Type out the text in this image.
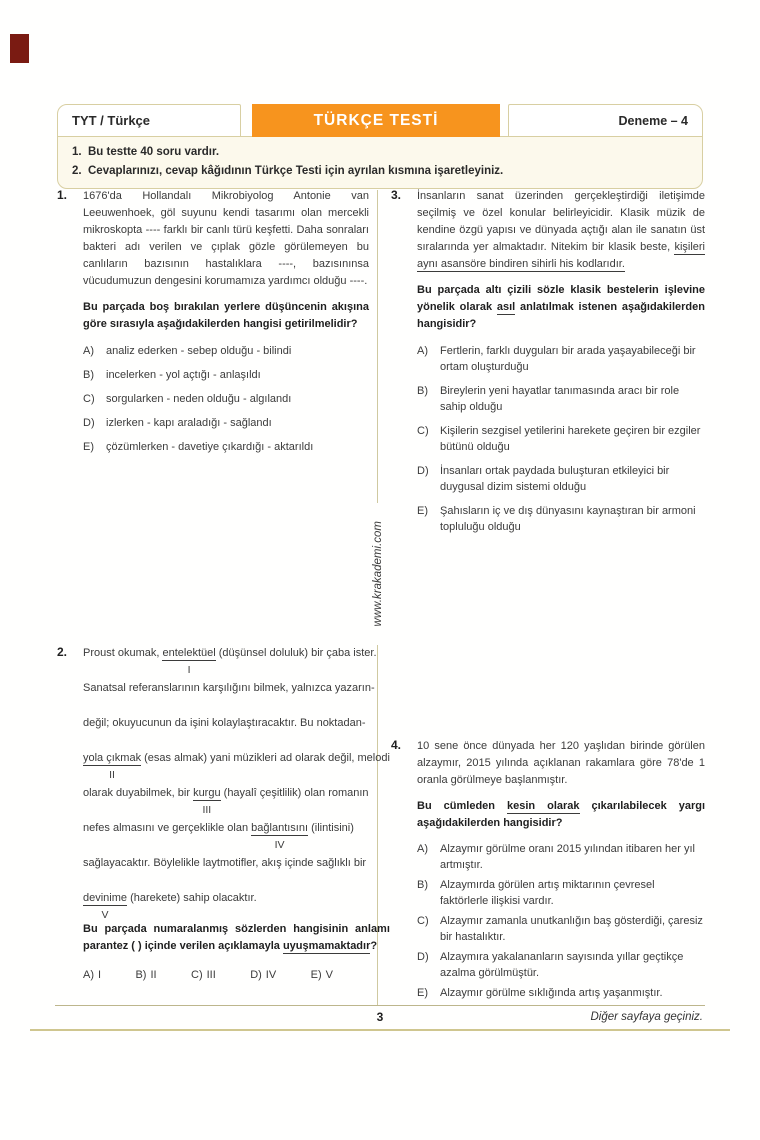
TYT / Türkçe	TÜRKÇE TESTİ	Deneme – 4
1. Bu testte 40 soru vardır.
2. Cevaplarınızı, cevap kâğıdının Türkçe Testi için ayrılan kısmına işaretleyiniz.
www.krakademi.com
1.	1676'da Hollandalı Mikrobiyolog Antonie van Leeuwenhoek, göl suyunu kendi tasarımı olan mercekli mikroskopta ---- farklı bir canlı türü keşfetti. Daha sonraları bakteri adı verilen ve çıplak gözle görülemeyen bu canlıların bazısının hastalıklara ----, bazısınınsa vücudumuzun dengesini korumamıza yardımcı olduğu ----.

Bu parçada boş bırakılan yerlere düşüncenin akışına göre sırasıyla aşağıdakilerden hangisi getirilmelidir?

A)	analiz ederken - sebep olduğu - bilindi
B)	incelerken - yol açtığı - anlaşıldı
C)	sorgularken - neden olduğu - algılandı
D)	izlerken - kapı araladığı - sağlandı
E)	çözümlerken - davetiye çıkardığı - aktarıldı
2.	Proust okumak, entelektüel
I
(düşünsel doluluk) bir çaba ister.
Sanatsal referanslarının karşılığını bilmek, yalnızca yazarın-
değil; okuyucunun da işini kolaylaştıracaktır. Bu noktadan-
yola çıkmak
II
(esas almak) yani müzikleri ad olarak değil, melodi
olarak duyabilmek, bir kurgu
III
(hayalî çeşitlilik) olan romanın
nefes almasını ve gerçeklikle olan bağlantısını
IV
(ilintisini)
sağlayacaktır. Böylelikle laytmotifler, akış içinde sağlıklı bir
devinime
V
(harekete) sahip olacaktır.

Bu parçada numaralanmış sözlerden hangisinin anlamı parantez ( ) içinde verilen açıklamayla uyuşmamaktadır?

A) I	B) II	C) III	D) IV	E) V
3.	İnsanların sanat üzerinden gerçekleştirdiği iletişimde seçilmiş ve özel konular belirleyicidir. Klasik müzik de kendine özgü yapısı ve dünyada açtığı alan ile sanatın üst sıralarında yer almaktadır. Nitekim bir klasik beste, kişileri aynı asansöre bindiren sihirli his kodlarıdır.

Bu parçada altı çizili sözle klasik bestelerin işlevine yönelik olarak asıl anlatılmak istenen aşağıdakilerden hangisidir?

A)	Fertlerin, farklı duyguları bir arada yaşayabileceği bir ortam oluşturduğu
B)	Bireylerin yeni hayatlar tanımasında aracı bir role sahip olduğu
C)	Kişilerin sezgisel yetilerini harekete geçiren bir ezgiler bütünü olduğu
D)	İnsanları ortak paydada buluşturan etkileyici bir duygusal dizim sistemi olduğu
E)	Şahısların iç ve dış dünyasını kaynaştıran bir armoni topluluğu olduğu
4.	10 sene önce dünyada her 120 yaşlıdan birinde görülen alzaymır, 2015 yılında açıklanan rakamlara göre 78'de 1 oranla görülmeye başlanmıştır.

Bu cümleden kesin olarak çıkarılabilecek yargı aşağıdakilerden hangisidir?

A)	Alzaymır görülme oranı 2015 yılından itibaren her yıl artmıştır.
B)	Alzaymırda görülen artış miktarının çevresel faktörlerle ilişkisi vardır.
C)	Alzaymır zamanla unutkanlığın baş gösterdiği, çaresiz bir hastalıktır.
D)	Alzaymıra yakalananların sayısında yıllar geçtikçe azalma görülmüştür.
E)	Alzaymır görülme sıklığında artış yaşanmıştır.
3	Diğer sayfaya geçiniz.
